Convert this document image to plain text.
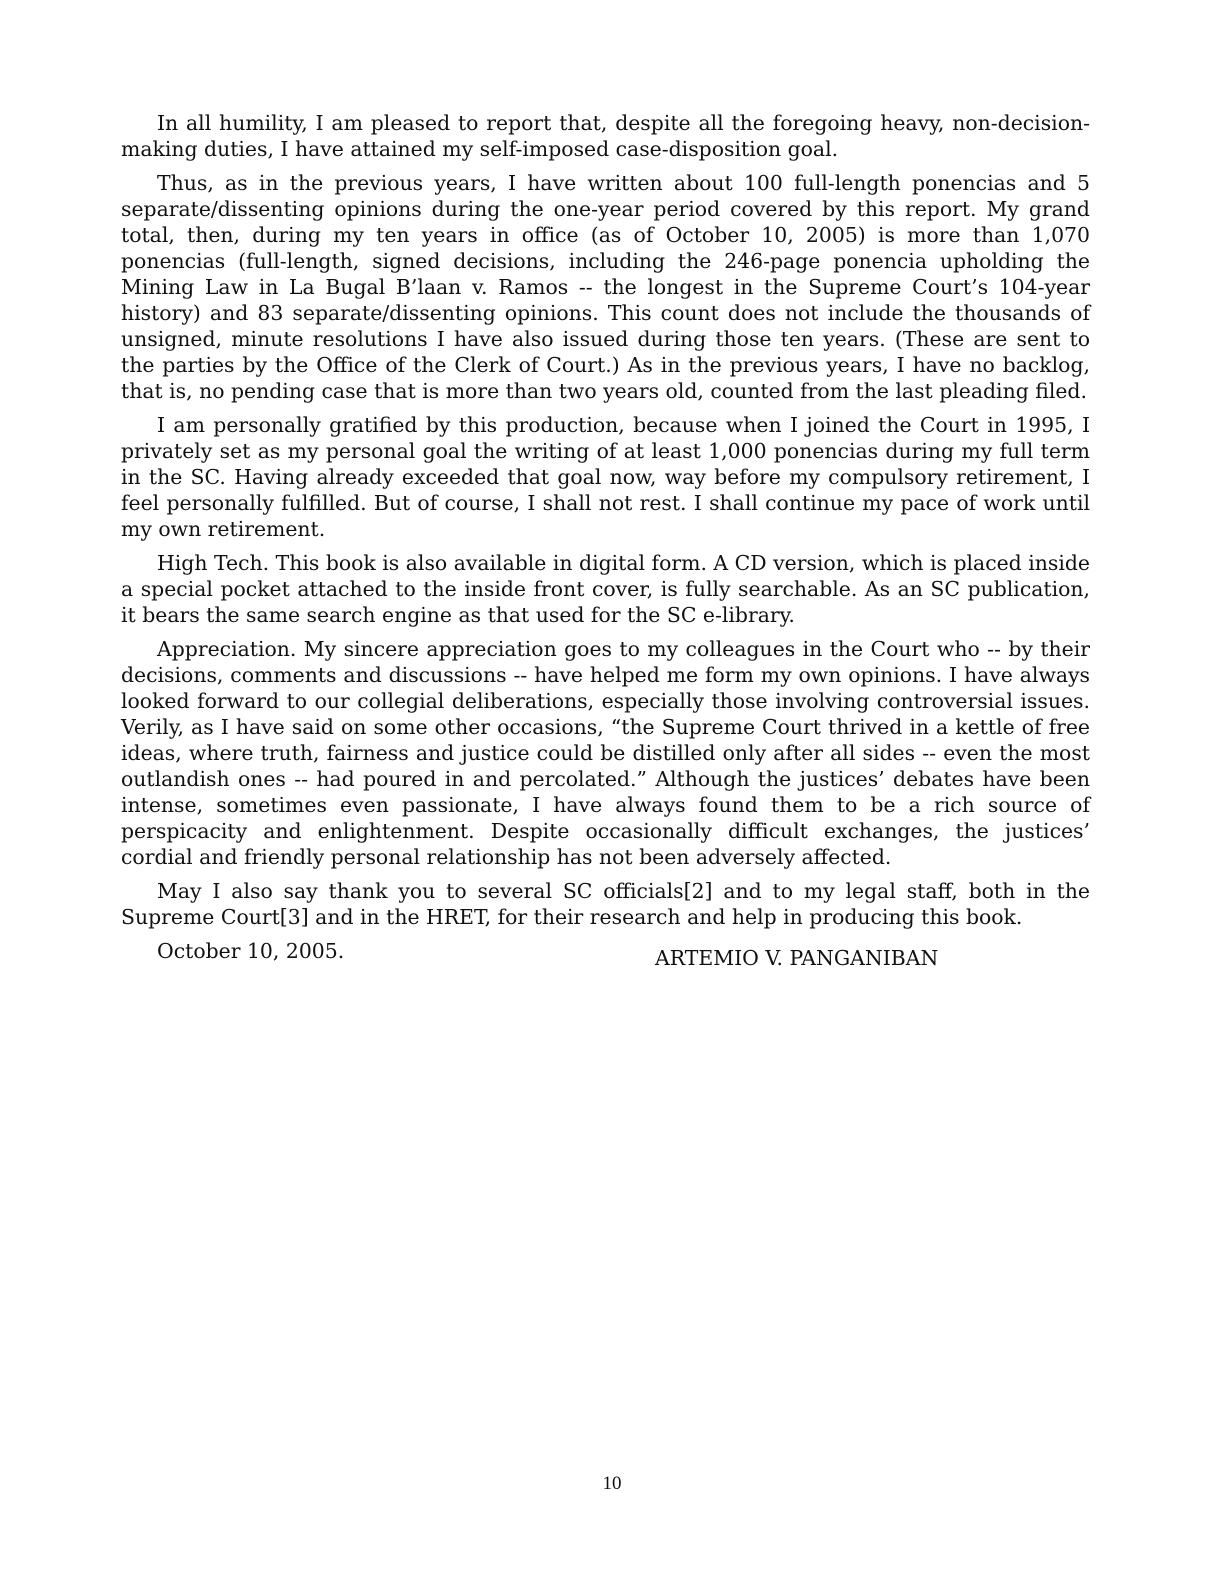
In all humility, I am pleased to report that, despite all the foregoing heavy, non-decision-making duties, I have attained my self-imposed case-disposition goal.

Thus, as in the previous years, I have written about 100 full-length ponencias and 5 separate/dissenting opinions during the one-year period covered by this report. My grand total, then, during my ten years in office (as of October 10, 2005) is more than 1,070 ponencias (full-length, signed decisions, including the 246-page ponencia upholding the Mining Law in La Bugal B’laan v. Ramos -- the longest in the Supreme Court’s 104-year history) and 83 separate/dissenting opinions. This count does not include the thousands of unsigned, minute resolutions I have also issued during those ten years. (These are sent to the parties by the Office of the Clerk of Court.) As in the previous years, I have no backlog, that is, no pending case that is more than two years old, counted from the last pleading filed.

I am personally gratified by this production, because when I joined the Court in 1995, I privately set as my personal goal the writing of at least 1,000 ponencias during my full term in the SC. Having already exceeded that goal now, way before my compulsory retirement, I feel personally fulfilled. But of course, I shall not rest. I shall continue my pace of work until my own retirement.

High Tech. This book is also available in digital form. A CD version, which is placed inside a special pocket attached to the inside front cover, is fully searchable. As an SC publication, it bears the same search engine as that used for the SC e-library.

Appreciation. My sincere appreciation goes to my colleagues in the Court who -- by their decisions, comments and discussions -- have helped me form my own opinions. I have always looked forward to our collegial deliberations, especially those involving controversial issues. Verily, as I have said on some other occasions, “the Supreme Court thrived in a kettle of free ideas, where truth, fairness and justice could be distilled only after all sides -- even the most outlandish ones -- had poured in and percolated.” Although the justices’ debates have been intense, sometimes even passionate, I have always found them to be a rich source of perspicacity and enlightenment. Despite occasionally difficult exchanges, the justices’ cordial and friendly personal relationship has not been adversely affected.

May I also say thank you to several SC officials[2] and to my legal staff, both in the Supreme Court[3] and in the HRET, for their research and help in producing this book.

October 10, 2005.	ARTEMIO V. PANGANIBAN
10
